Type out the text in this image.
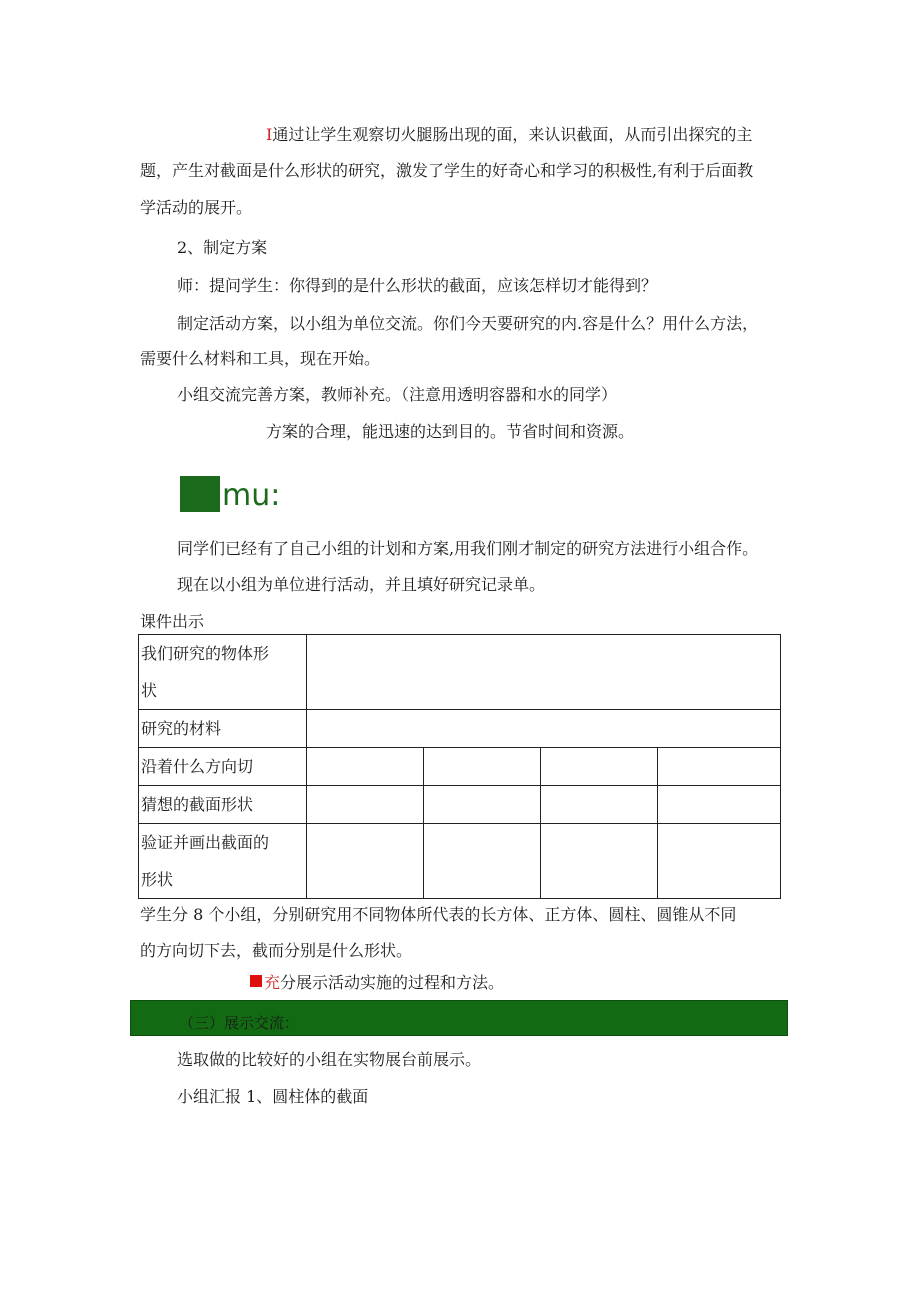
I通过让学生观察切火腿肠出现的面，来认识截面，从而引出探究的主
题，产生对截面是什么形状的研究，激发了学生的好奇心和学习的积极性,有利于后面教
学活动的展开。
2、制定方案
师：提问学生：你得到的是什么形状的截面，应该怎样切才能得到？
制定活动方案，以小组为单位交流。你们今天要研究的内.容是什么？用什么方法，
需要什么材料和工具，现在开始。
小组交流完善方案，教师补充。（注意用透明容器和水的同学）
方案的合理，能迅速的达到目的。节省时间和资源。
mu:
同学们已经有了自己小组的计划和方案,用我们刚才制定的研究方法进行小组合作。
现在以小组为单位进行活动，并且填好研究记录单。
课件出示
我们研究的物体形
状				
研究的材料				
沿着什么方向切				
猜想的截面形状				
验证并画出截面的
形状				
学生分 8 个小组，分别研究用不同物体所代表的长方体、正方体、圆柱、圆锥从不同
的方向切下去，截而分别是什么形状。
充分展示活动实施的过程和方法。
（三）展示交流：
选取做的比较好的小组在实物展台前展示。
小组汇报 1、圆柱体的截面
